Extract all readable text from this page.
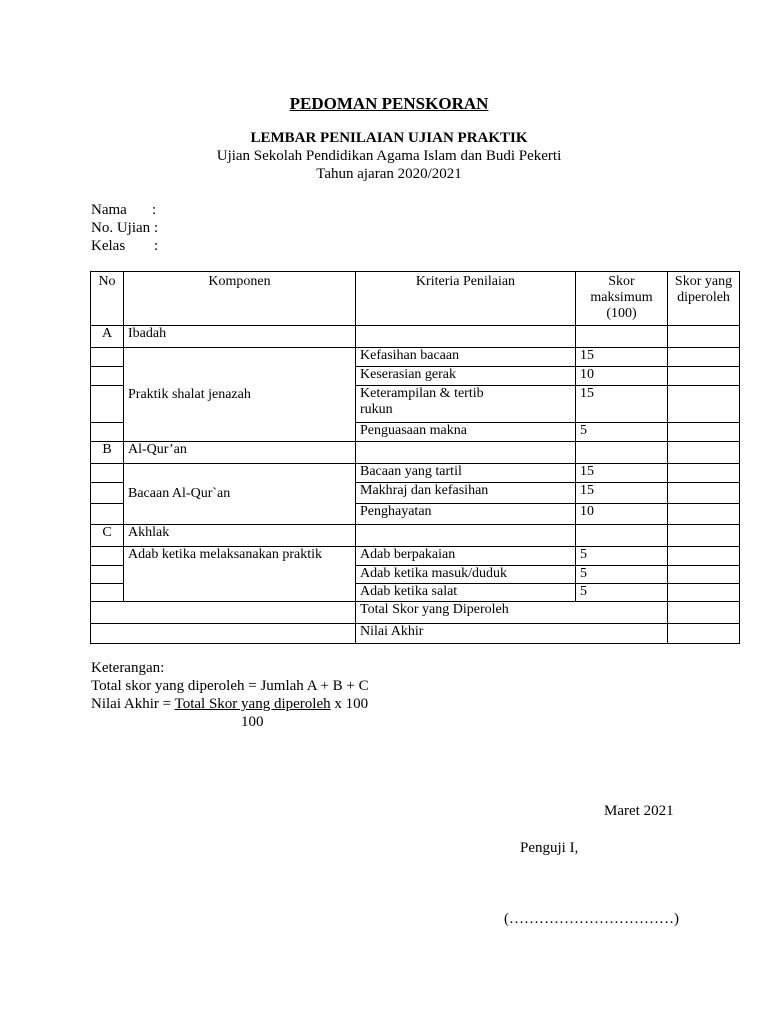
PEDOMAN PENSKORAN
LEMBAR PENILAIAN UJIAN PRAKTIK
Ujian Sekolah Pendidikan Agama Islam dan Budi Pekerti
Tahun ajaran 2020/2021
Nama :
No. Ujian :
Kelas :
No	Komponen	Kriteria Penilaian	Skor maksimum (100)	Skor yang diperoleh
A	Ibadah			
	Praktik shalat jenazah	Kefasihan bacaan	15	
		Keserasian gerak	10	
		Keterampilan & tertib rukun	15	
		Penguasaan makna	5	
B	Al-Qur’an			
	Bacaan Al-Qur`an	Bacaan yang tartil	15	
		Makhraj dan kefasihan	15	
		Penghayatan	10	
C	Akhlak			
	Adab ketika melaksanakan praktik	Adab berpakaian	5	
		Adab ketika masuk/duduk	5	
		Adab ketika salat	5	
		Total Skor yang Diperoleh		
		Nilai Akhir		
Keterangan:
Total skor yang diperoleh = Jumlah A + B + C
Nilai Akhir = Total Skor yang diperoleh x 100
100
Maret 2021
Penguji I,
(……………………………)
